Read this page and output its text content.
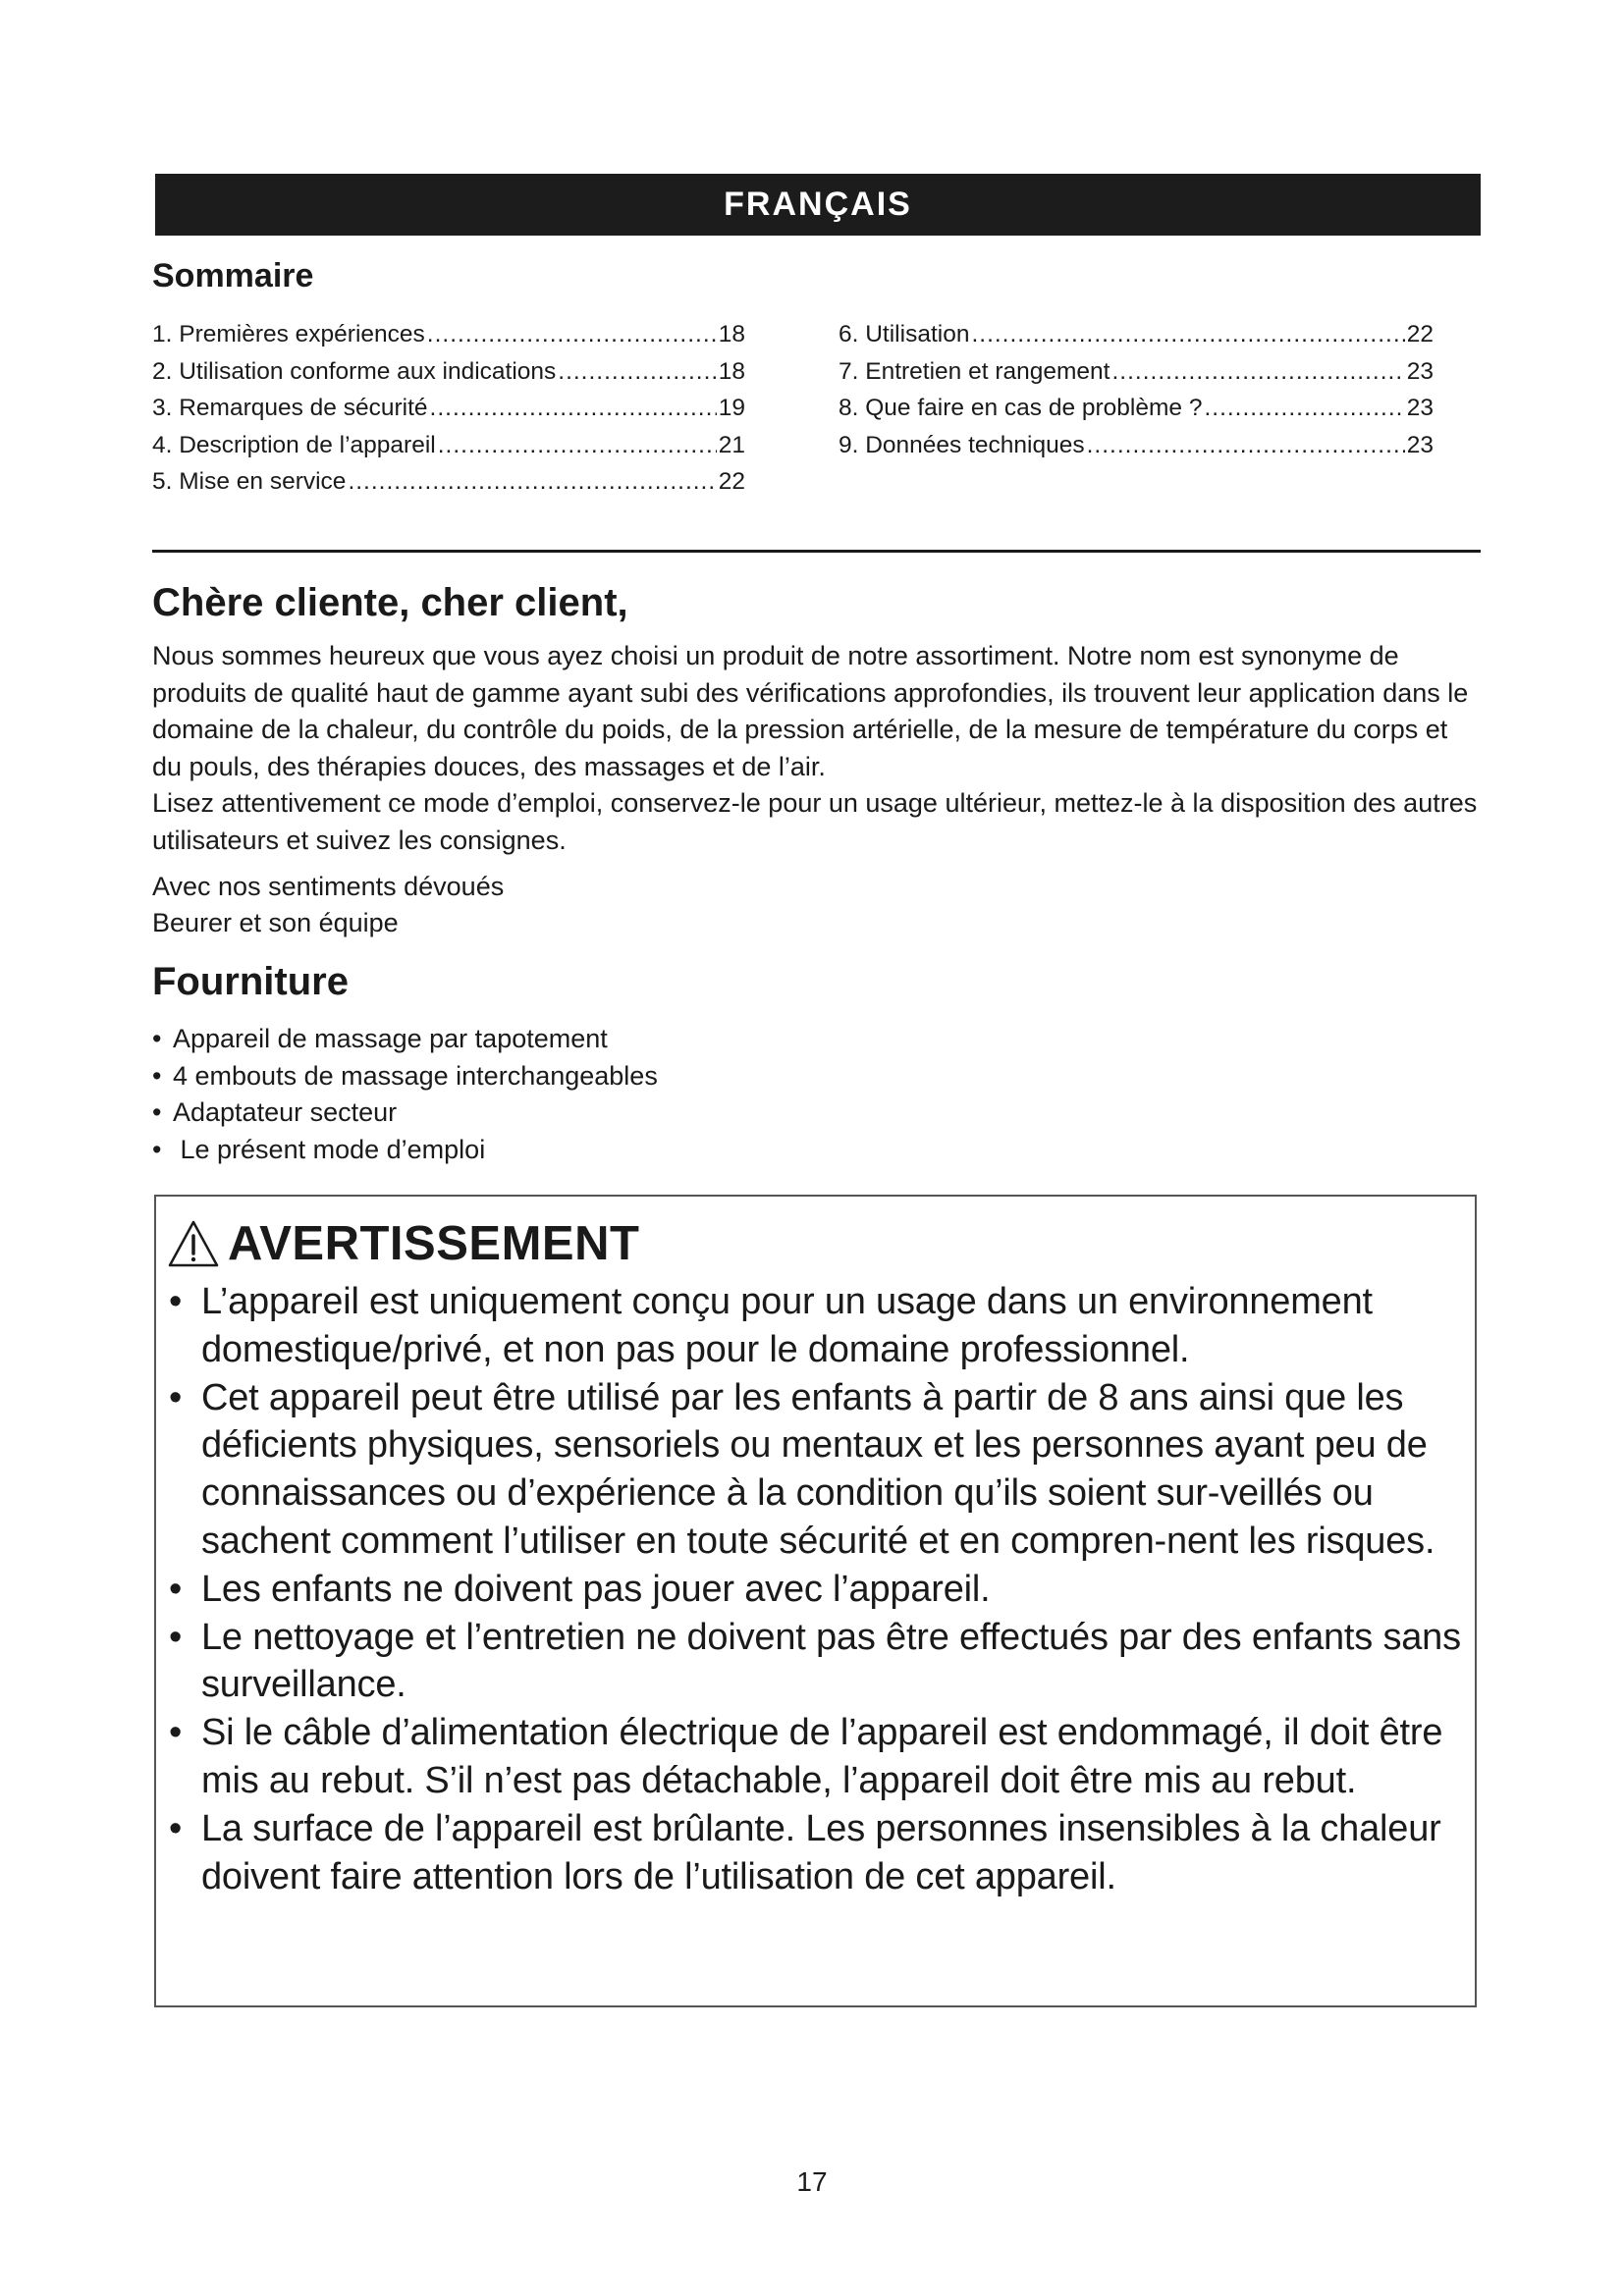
FRANÇAIS
Sommaire
1. Premières expériences .....	18
2. Utilisation conforme aux indications .....	18
3. Remarques de sécurité .....	19
4. Description de l’appareil .....	21
5. Mise en service .....	22
6. Utilisation .....	22
7. Entretien et rangement .....	23
8. Que faire en cas de problème ? .....	23
9. Données techniques .....	23
Chère cliente, cher client,

Nous sommes heureux que vous ayez choisi un produit de notre assortiment. Notre nom est synonyme de produits de qualité haut de gamme ayant subi des vérifications approfondies, ils trouvent leur application dans le domaine de la chaleur, du contrôle du poids, de la pression artérielle, de la mesure de température du corps et du pouls, des thérapies douces, des massages et de l’air.

Lisez attentivement ce mode d’emploi, conservez-le pour un usage ultérieur, mettez-le à la disposition des autres utilisateurs et suivez les consignes.

Avec nos sentiments dévoués

Beurer et son équipe

Fourniture
• Appareil de massage par tapotement
• 4 embouts de massage interchangeables
• Adaptateur secteur
• Le présent mode d’emploi
AVERTISSEMENT
• L’appareil est uniquement conçu pour un usage dans un environnement domestique/privé, et non pas pour le domaine professionnel.
• Cet appareil peut être utilisé par les enfants à partir de 8 ans ainsi que les déficients physiques, sensoriels ou mentaux et les personnes ayant peu de connaissances ou d’expérience à la condition qu’ils soient sur-veillés ou sachent comment l’utiliser en toute sécurité et en compren-nent les risques.
• Les enfants ne doivent pas jouer avec l’appareil.
• Le nettoyage et l’entretien ne doivent pas être effectués par des enfants sans surveillance.
• Si le câble d’alimentation électrique de l’appareil est endommagé, il doit être mis au rebut. S’il n’est pas détachable, l’appareil doit être mis au rebut.
• La surface de l’appareil est brûlante. Les personnes insensibles à la chaleur doivent faire attention lors de l’utilisation de cet appareil.
17
